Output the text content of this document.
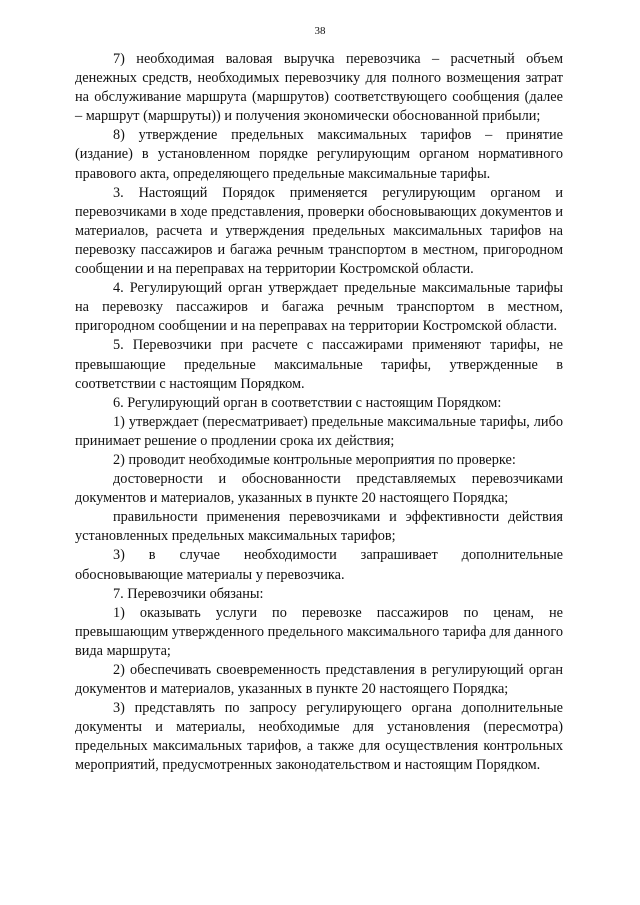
38

7) необходимая валовая выручка перевозчика – расчетный объем денежных средств, необходимых перевозчику для полного возмещения затрат на обслуживание маршрута (маршрутов) соответствующего сообщения (далее – маршрут (маршруты)) и получения экономически обоснованной прибыли;

8) утверждение предельных максимальных тарифов – принятие (издание) в установленном порядке регулирующим органом нормативного правового акта, определяющего предельные максимальные тарифы.

3. Настоящий Порядок применяется регулирующим органом и перевозчиками в ходе представления, проверки обосновывающих документов и материалов, расчета и утверждения предельных максимальных тарифов на перевозку пассажиров и багажа речным транспортом в местном, пригородном сообщении и на переправах на территории Костромской области.

4. Регулирующий орган утверждает предельные максимальные тарифы на перевозку пассажиров и багажа речным транспортом в местном, пригородном сообщении и на переправах на территории Костромской области.

5. Перевозчики при расчете с пассажирами применяют тарифы, не превышающие предельные максимальные тарифы, утвержденные в соответствии с настоящим Порядком.

6. Регулирующий орган в соответствии с настоящим Порядком:

1) утверждает (пересматривает) предельные максимальные тарифы, либо принимает решение о продлении срока их действия;

2) проводит необходимые контрольные мероприятия по проверке:

достоверности и обоснованности представляемых перевозчиками документов и материалов, указанных в пункте 20 настоящего Порядка;

правильности применения перевозчиками и эффективности действия установленных предельных максимальных тарифов;

3) в случае необходимости запрашивает дополнительные обосновывающие материалы у перевозчика.

7. Перевозчики обязаны:

1) оказывать услуги по перевозке пассажиров по ценам, не превышающим утвержденного предельного максимального тарифа для данного вида маршрута;

2) обеспечивать своевременность представления в регулирующий орган документов и материалов, указанных в пункте 20 настоящего Порядка;

3) представлять по запросу регулирующего органа дополнительные документы и материалы, необходимые для установления (пересмотра) предельных максимальных тарифов, а также для осуществления контрольных мероприятий, предусмотренных законодательством и настоящим Порядком.
